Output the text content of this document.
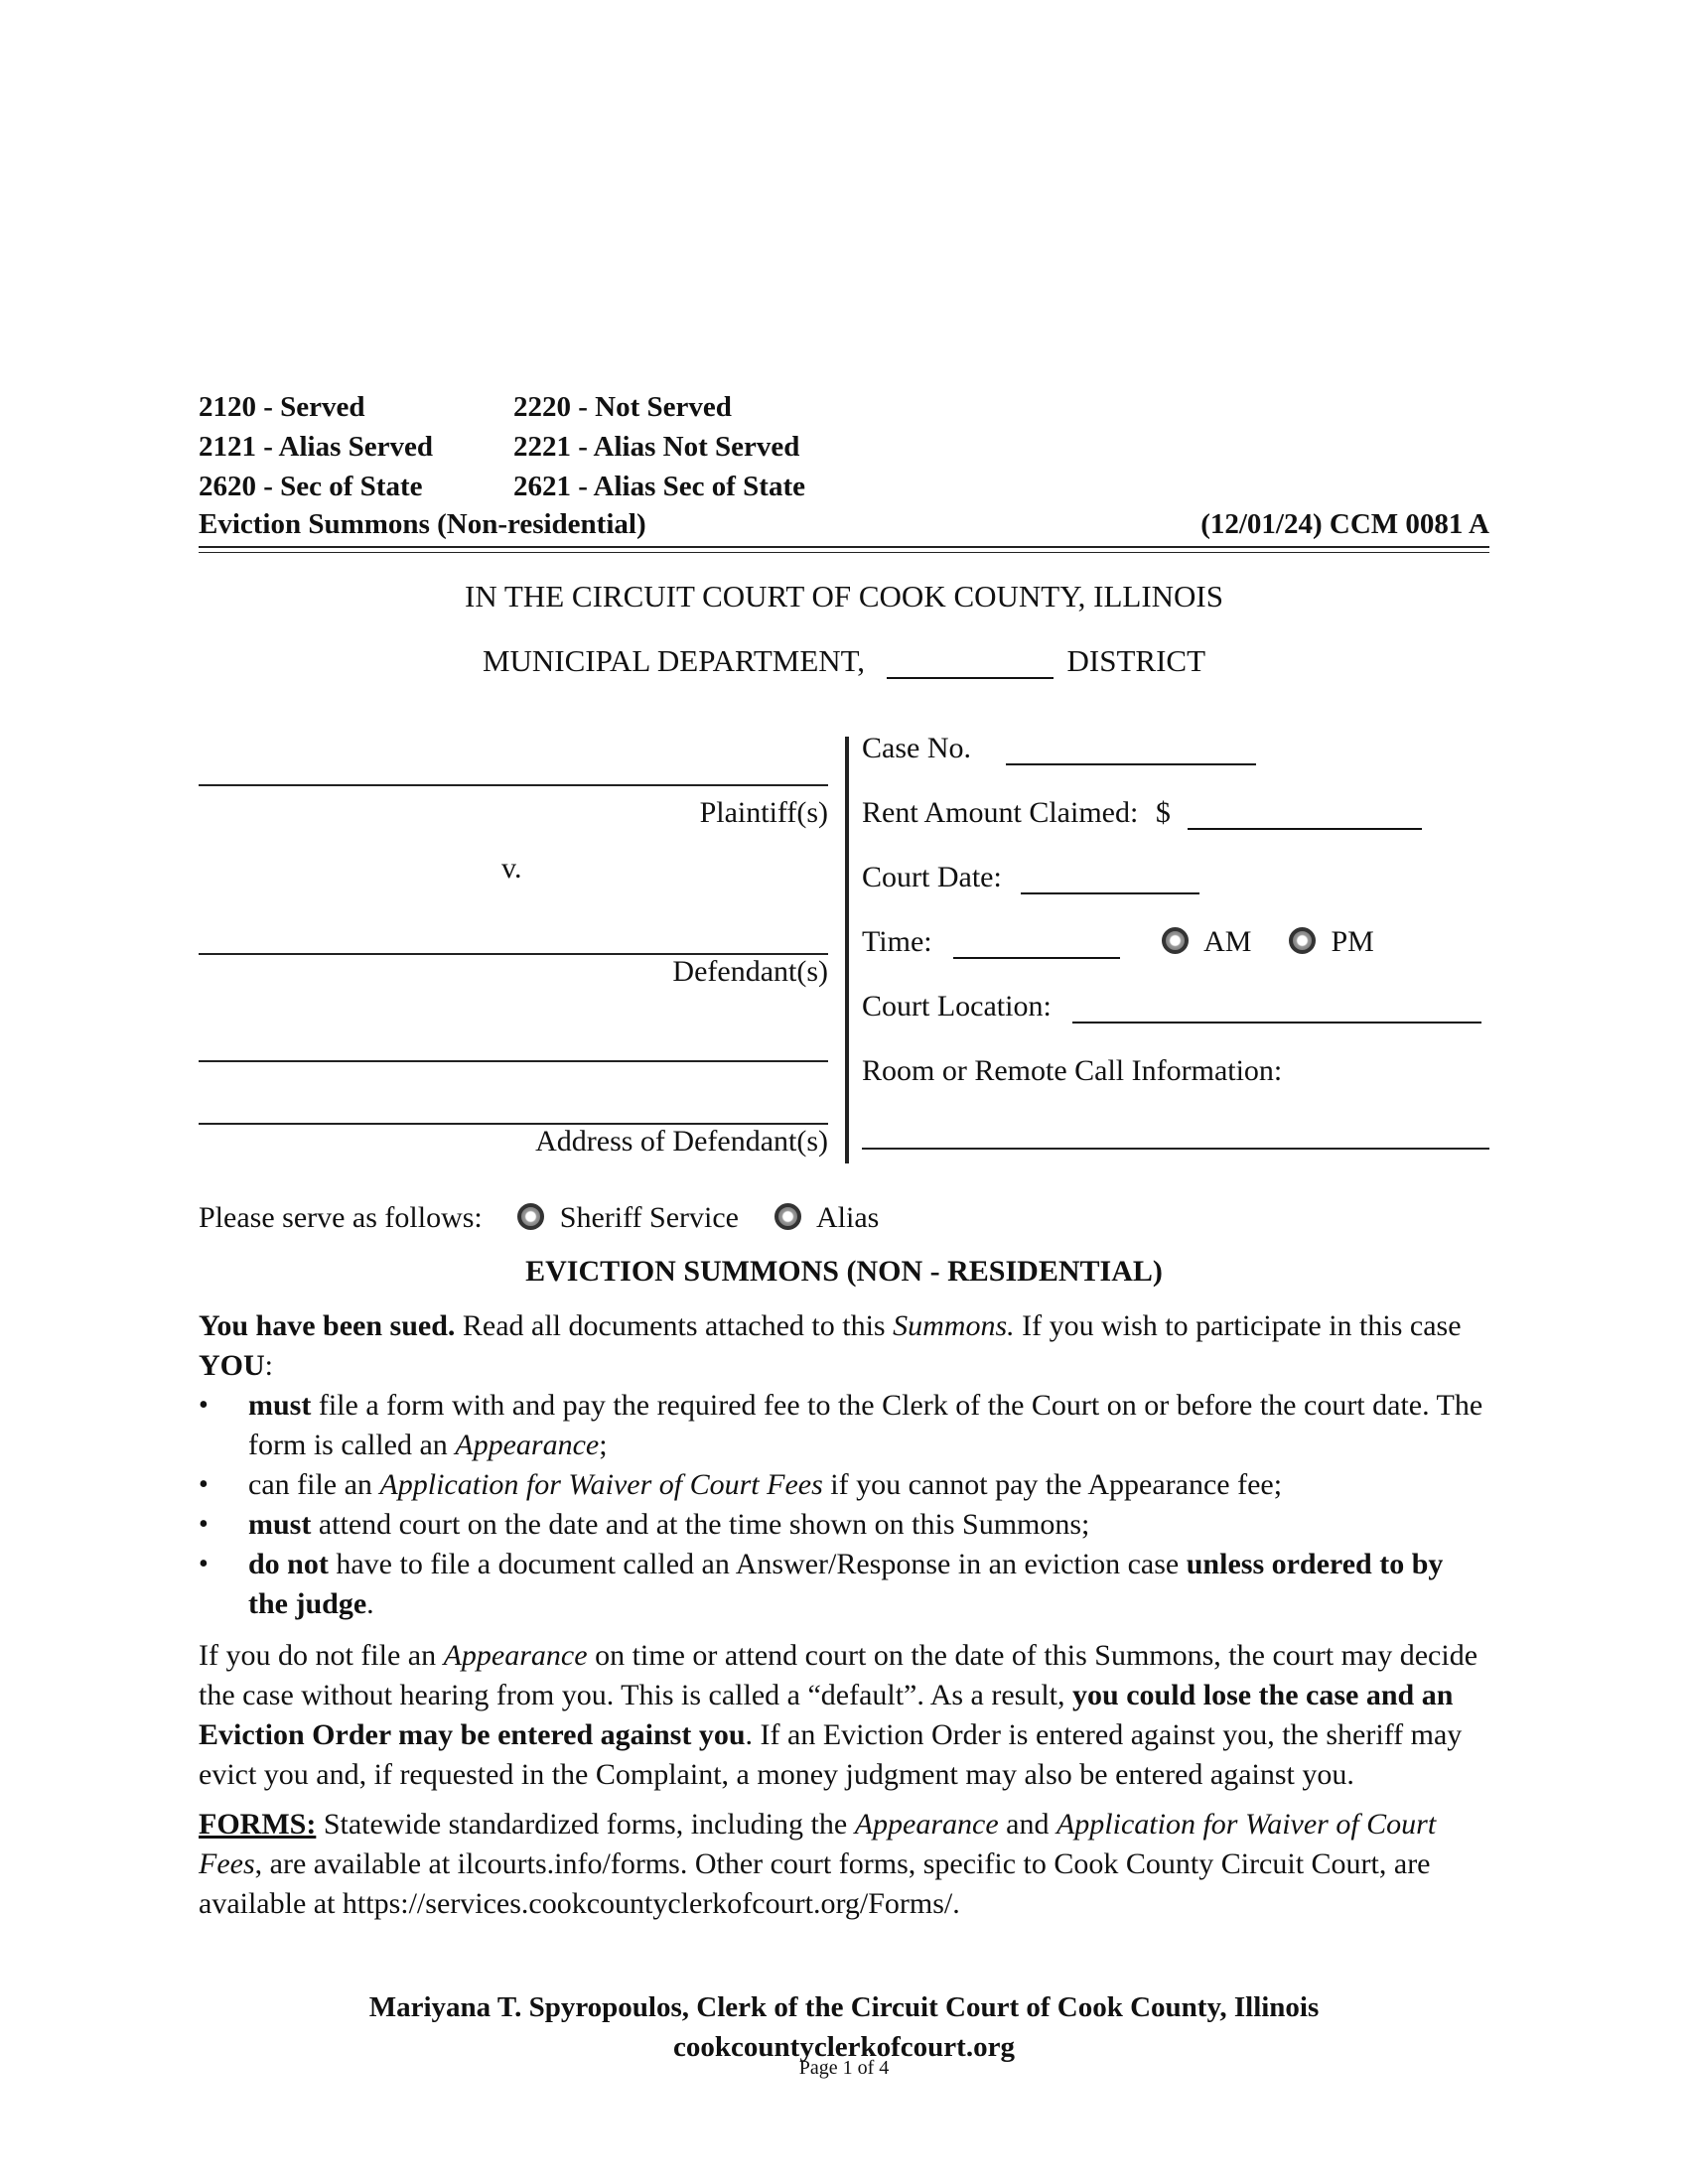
2120 - Served	2220 - Not Served
2121 - Alias Served	2221 - Alias Not Served
2620 - Sec of State	2621 - Alias Sec of State
Eviction Summons (Non-residential)	(12/01/24) CCM 0081 A
IN THE CIRCUIT COURT OF COOK COUNTY, ILLINOIS
MUNICIPAL DEPARTMENT,	DISTRICT
Plaintiff(s)
v.
Defendant(s)
Address of Defendant(s)
Case No.
Rent Amount Claimed: $
Court Date:
Time:	AM	PM
Court Location:
Room or Remote Call Information:
Please serve as follows:	Sheriff Service	Alias
EVICTION SUMMONS (NON - RESIDENTIAL)

You have been sued. Read all documents attached to this Summons. If you wish to participate in this case YOU:

• must file a form with and pay the required fee to the Clerk of the Court on or before the court date. The form is called an Appearance;
• can file an Application for Waiver of Court Fees if you cannot pay the Appearance fee;
• must attend court on the date and at the time shown on this Summons;
• do not have to file a document called an Answer/Response in an eviction case unless ordered to by the judge.

If you do not file an Appearance on time or attend court on the date of this Summons, the court may decide the case without hearing from you. This is called a “default”. As a result, you could lose the case and an Eviction Order may be entered against you. If an Eviction Order is entered against you, the sheriff may evict you and, if requested in the Complaint, a money judgment may also be entered against you.

FORMS: Statewide standardized forms, including the Appearance and Application for Waiver of Court Fees, are available at ilcourts.info/forms. Other court forms, specific to Cook County Circuit Court, are available at https://services.cookcountyclerkofcourt.org/Forms/.

Mariyana T. Spyropoulos, Clerk of the Circuit Court of Cook County, Illinois
cookcountyclerkofcourt.org
Page 1 of 4
